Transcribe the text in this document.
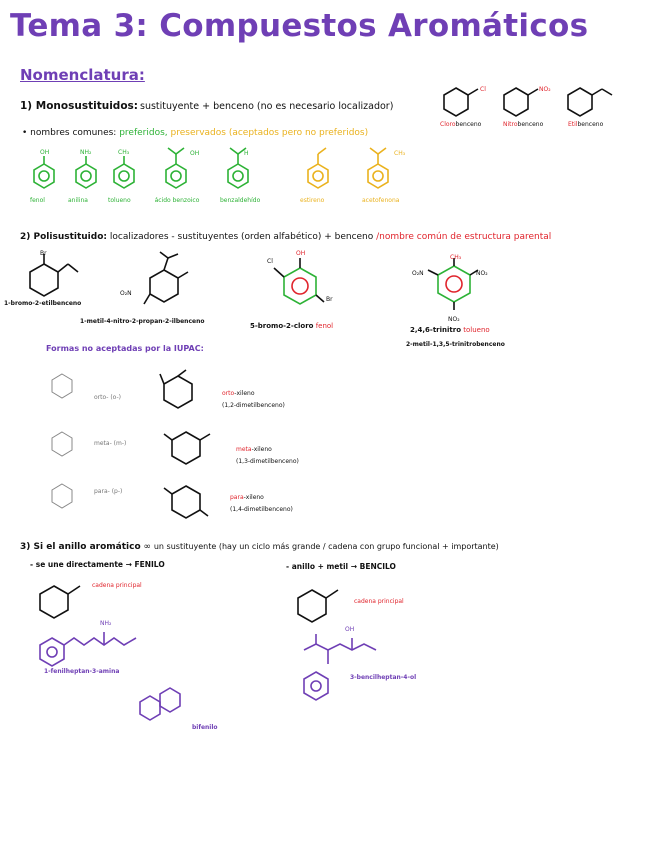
Tema 3: Compuestos Aromáticos
Nomenclatura:
1) Monosustituidos: sustituyente + benceno (no es necesario localizador)
Cl	NO₂
Clorobenceno	Nitrobenceno	Etilbenceno
• nombres comunes: preferidos, preservados (aceptados pero no preferidos)
OH	NH₂	CH₃	OH	H	CH₃
fenol	anilina	tolueno	ácido benzoico	benzaldehído	estireno	acetofenona
2) Polisustituido: localizadores - sustituyentes (orden alfabético) + benceno /nombre común de estructura parental
Br
O₂N
Cl
OH
Br
O₂N
CH₃
NO₂
NO₂
1-bromo-2-etilbenceno
1-metil-4-nitro-2-propan-2-ilbenceno
5-bromo-2-cloro fenol	2,4,6-trinitro tolueno
2-metil-1,3,5-trinitrobenceno
Formas no aceptadas por la IUPAC:
orto- (o-)
meta- (m-)
para- (p-)
orto-xileno
(1,2-dimetilbenceno)
meta-xileno
(1,3-dimetilbenceno)
para-xileno
(1,4-dimetilbenceno)
3) Si el anillo aromático ∞ un sustituyente (hay un ciclo más grande / cadena con grupo funcional + importante)
- se une directamente → FENILO	- anillo + metil → BENCILO
cadena principal
cadena principal
NH₂
OH
1-fenilheptan-3-amina
3-bencilheptan-4-ol
bifenilo
